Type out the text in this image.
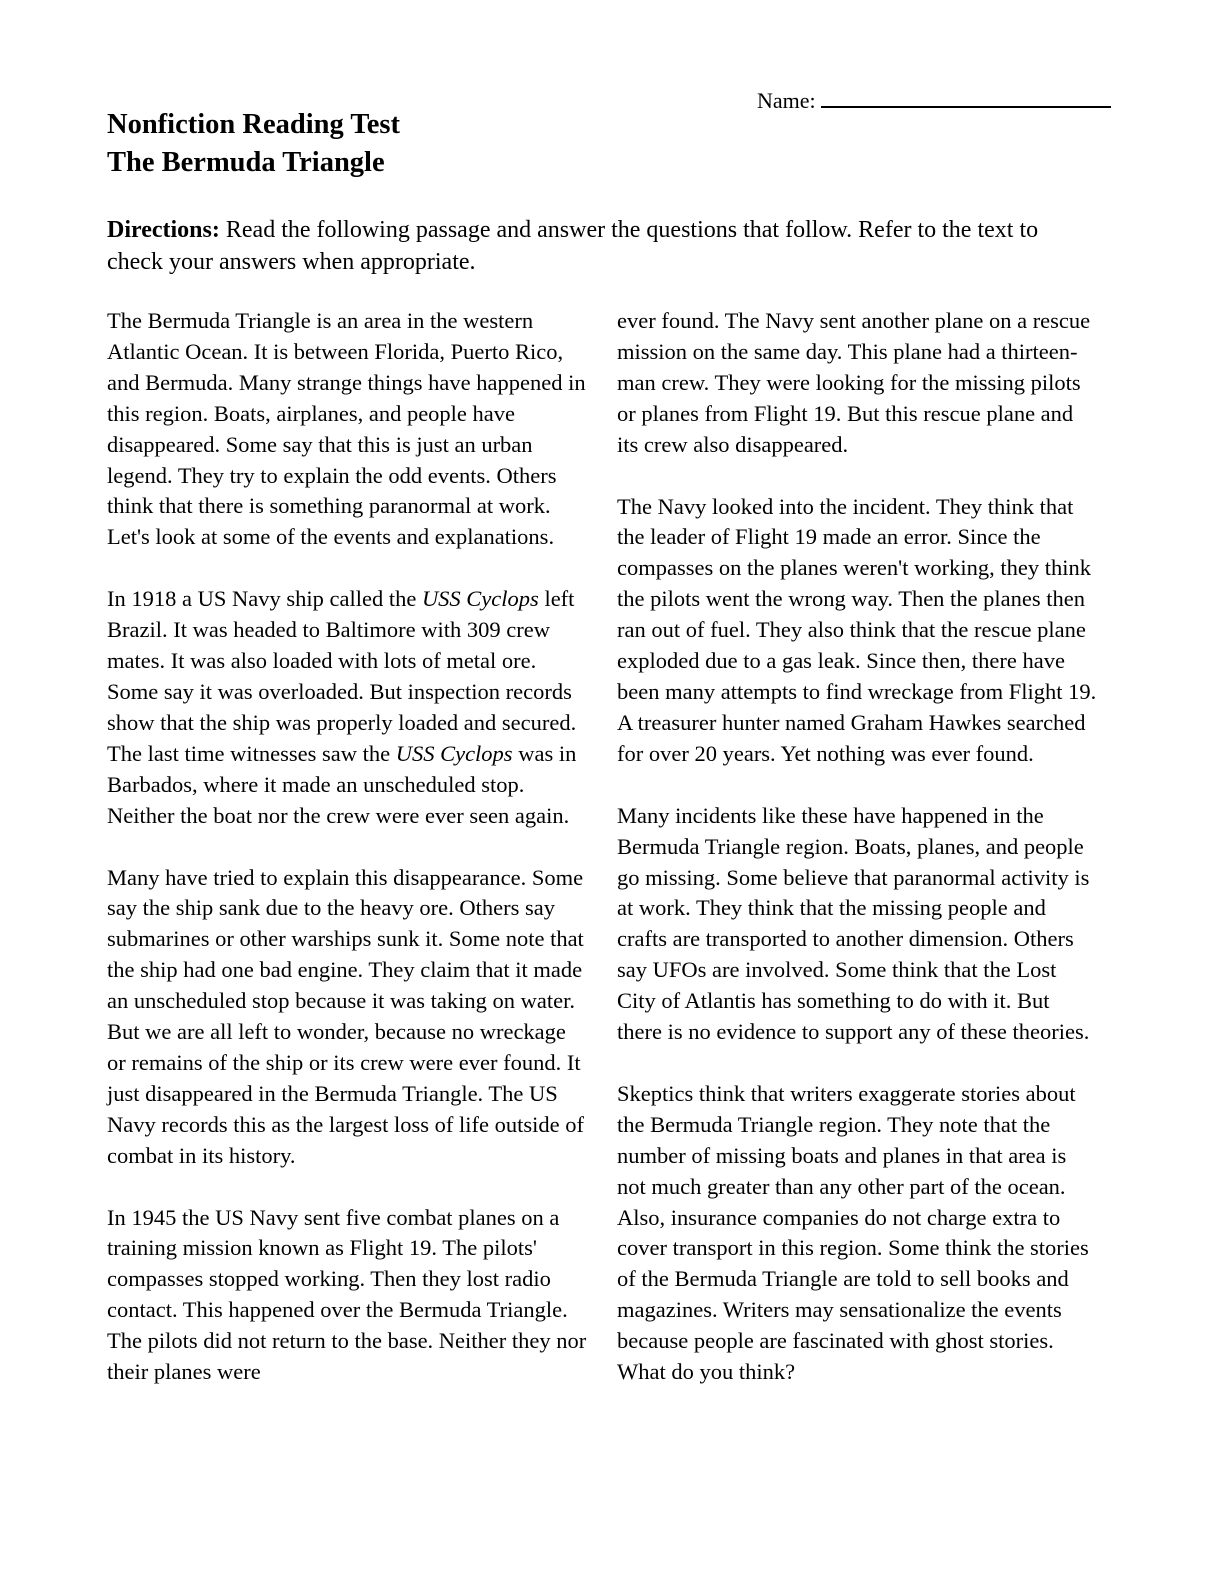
Name:
Nonfiction Reading Test
The Bermuda Triangle

Directions: Read the following passage and answer the questions that follow. Refer to the text to check your answers when appropriate.

The Bermuda Triangle is an area in the western Atlantic Ocean. It is between Florida, Puerto Rico, and Bermuda. Many strange things have happened in this region. Boats, airplanes, and people have disappeared. Some say that this is just an urban legend. They try to explain the odd events. Others think that there is something paranormal at work. Let's look at some of the events and explanations.

In 1918 a US Navy ship called the USS Cyclops left Brazil. It was headed to Baltimore with 309 crew mates. It was also loaded with lots of metal ore. Some say it was overloaded. But inspection records show that the ship was properly loaded and secured. The last time witnesses saw the USS Cyclops was in Barbados, where it made an unscheduled stop. Neither the boat nor the crew were ever seen again.

Many have tried to explain this disappearance. Some say the ship sank due to the heavy ore. Others say submarines or other warships sunk it. Some note that the ship had one bad engine. They claim that it made an unscheduled stop because it was taking on water. But we are all left to wonder, because no wreckage or remains of the ship or its crew were ever found. It just disappeared in the Bermuda Triangle. The US Navy records this as the largest loss of life outside of combat in its history.

In 1945 the US Navy sent five combat planes on a training mission known as Flight 19. The pilots' compasses stopped working. Then they lost radio contact. This happened over the Bermuda Triangle. The pilots did not return to the base. Neither they nor their planes were

ever found. The Navy sent another plane on a rescue mission on the same day. This plane had a thirteen-man crew. They were looking for the missing pilots or planes from Flight 19. But this rescue plane and its crew also disappeared.

The Navy looked into the incident. They think that the leader of Flight 19 made an error. Since the compasses on the planes weren't working, they think the pilots went the wrong way. Then the planes then ran out of fuel. They also think that the rescue plane exploded due to a gas leak. Since then, there have been many attempts to find wreckage from Flight 19. A treasurer hunter named Graham Hawkes searched for over 20 years. Yet nothing was ever found.

Many incidents like these have happened in the Bermuda Triangle region. Boats, planes, and people go missing. Some believe that paranormal activity is at work. They think that the missing people and crafts are transported to another dimension. Others say UFOs are involved. Some think that the Lost City of Atlantis has something to do with it. But there is no evidence to support any of these theories.

Skeptics think that writers exaggerate stories about the Bermuda Triangle region. They note that the number of missing boats and planes in that area is not much greater than any other part of the ocean. Also, insurance companies do not charge extra to cover transport in this region. Some think the stories of the Bermuda Triangle are told to sell books and magazines. Writers may sensationalize the events because people are fascinated with ghost stories. What do you think?
